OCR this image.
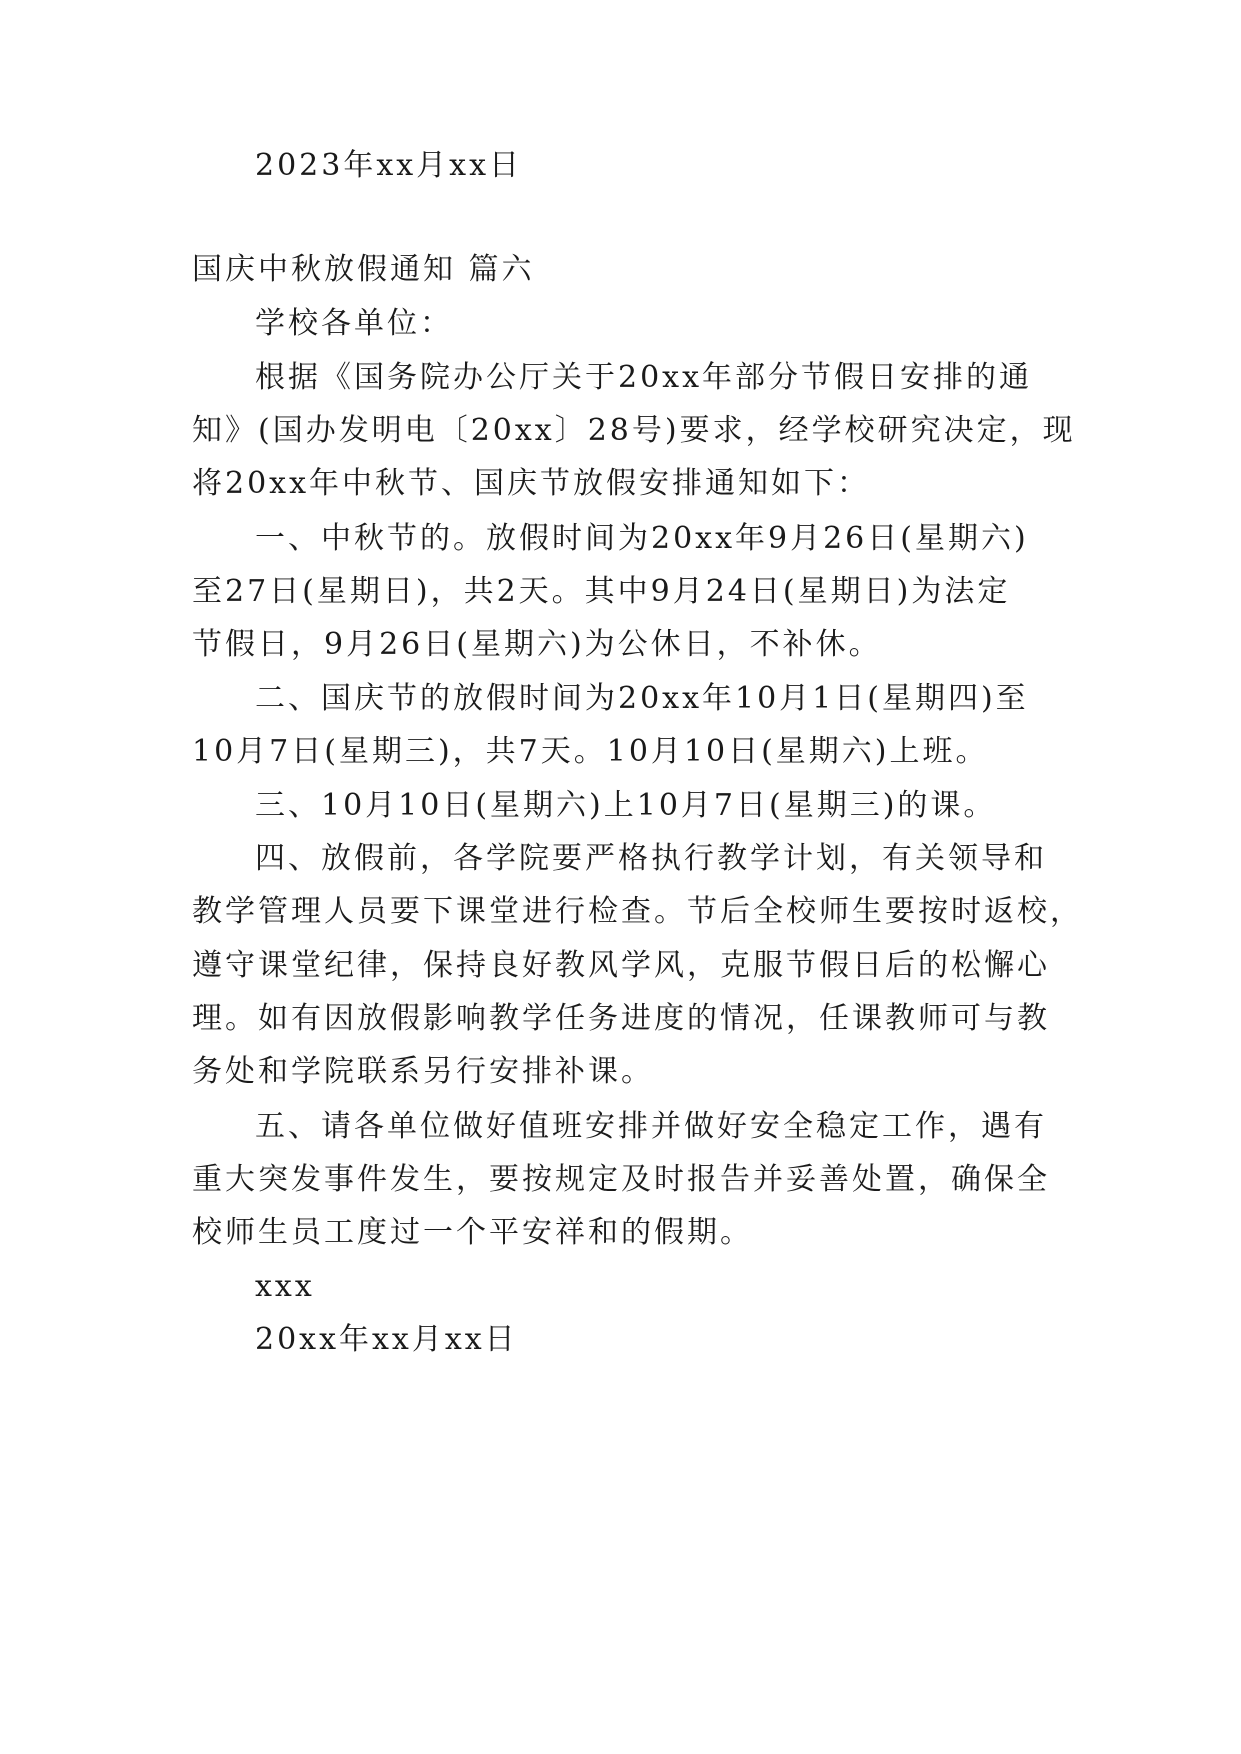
2023年xx月xx日
国庆中秋放假通知 篇六
学校各单位：
根据《国务院办公厅关于20xx年部分节假日安排的通
知》(国办发明电〔20xx〕28号)要求，经学校研究决定，现
将20xx年中秋节、国庆节放假安排通知如下：
一、中秋节的。放假时间为20xx年9月26日(星期六)
至27日(星期日)，共2天。其中9月24日(星期日)为法定
节假日，9月26日(星期六)为公休日，不补休。
二、国庆节的放假时间为20xx年10月1日(星期四)至
10月7日(星期三)，共7天。10月10日(星期六)上班。
三、10月10日(星期六)上10月7日(星期三)的课。
四、放假前，各学院要严格执行教学计划，有关领导和
教学管理人员要下课堂进行检查。节后全校师生要按时返校，
遵守课堂纪律，保持良好教风学风，克服节假日后的松懈心
理。如有因放假影响教学任务进度的情况，任课教师可与教
务处和学院联系另行安排补课。
五、请各单位做好值班安排并做好安全稳定工作，遇有
重大突发事件发生，要按规定及时报告并妥善处置，确保全
校师生员工度过一个平安祥和的假期。
xxx
20xx年xx月xx日
